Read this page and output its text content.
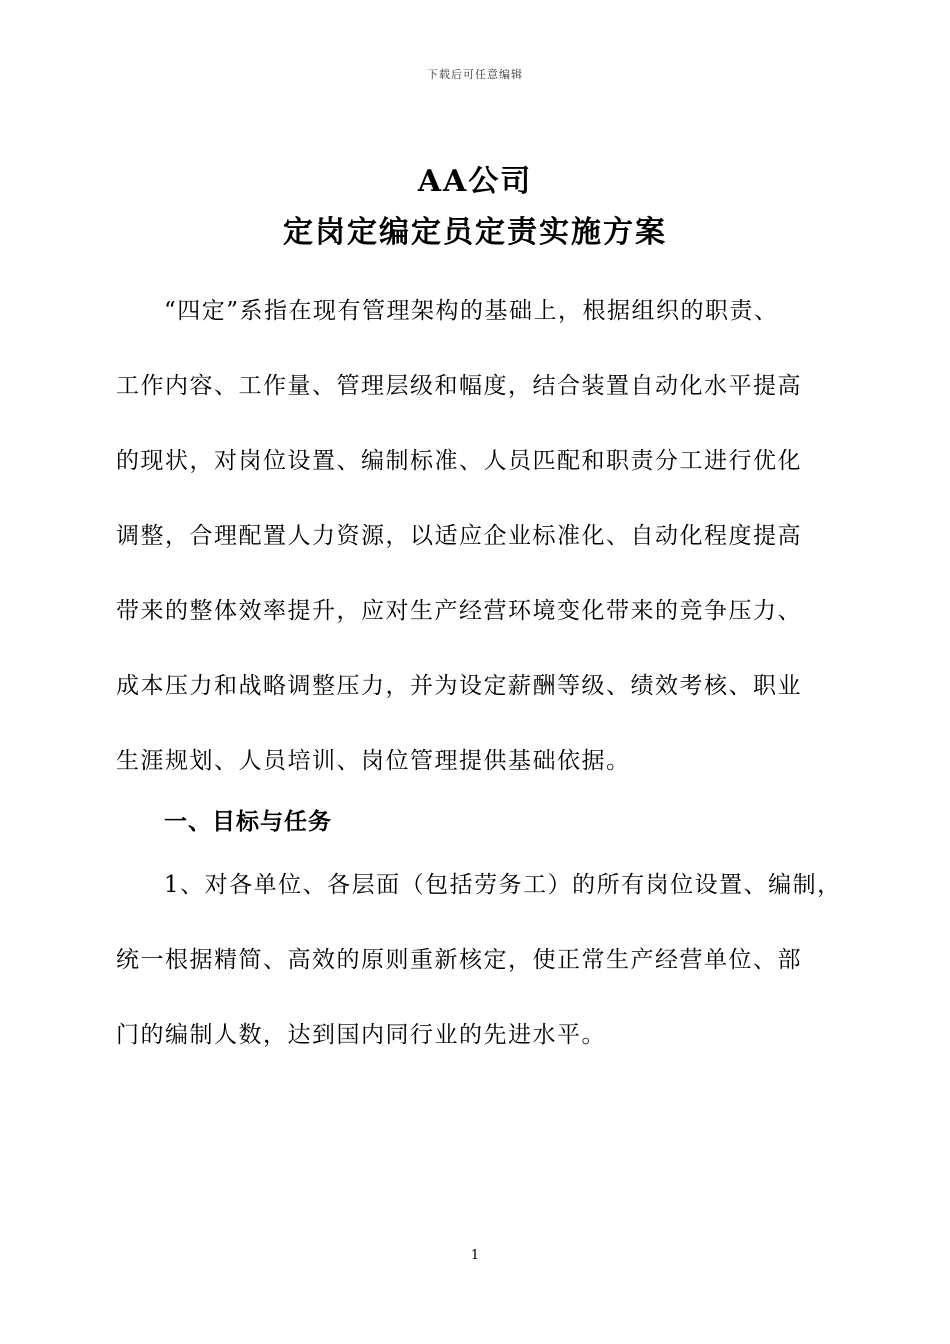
下载后可任意编辑
AA公司
定岗定编定员定责实施方案
“四定”系指在现有管理架构的基础上，根据组织的职责、
工作内容、工作量、管理层级和幅度，结合装置自动化水平提高
的现状，对岗位设置、编制标准、人员匹配和职责分工进行优化
调整，合理配置人力资源，以适应企业标准化、自动化程度提高
带来的整体效率提升，应对生产经营环境变化带来的竞争压力、
成本压力和战略调整压力，并为设定薪酬等级、绩效考核、职业
生涯规划、人员培训、岗位管理提供基础依据。
一、目标与任务
1、对各单位、各层面（包括劳务工）的所有岗位设置、编制，
统一根据精简、高效的原则重新核定，使正常生产经营单位、部
门的编制人数，达到国内同行业的先进水平。
1
